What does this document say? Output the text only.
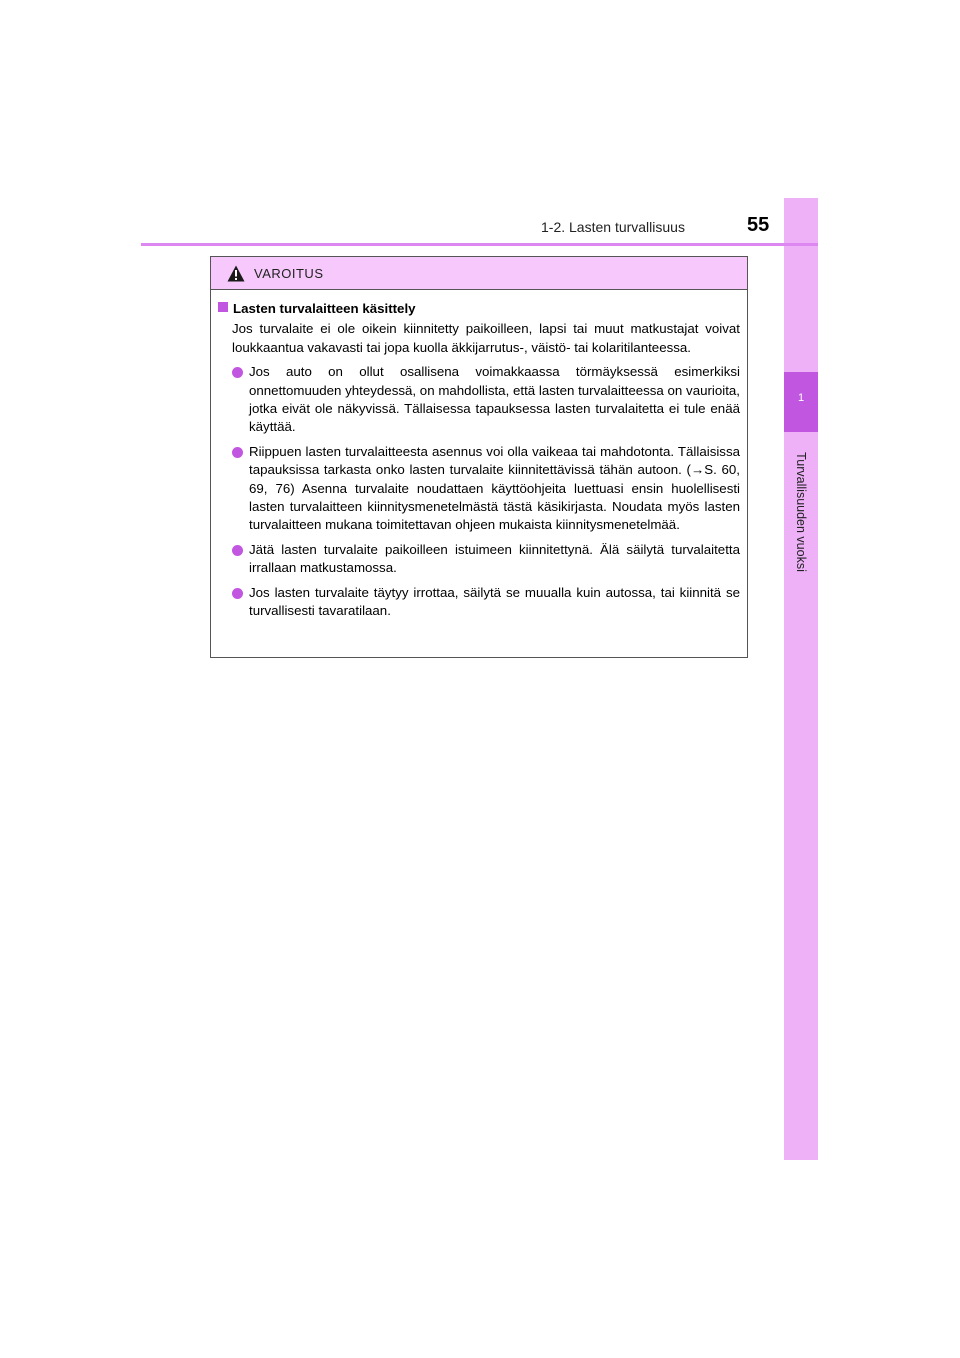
1
Turvallisuuden vuoksi
1-2. Lasten turvallisuus	55
VAROITUS
Lasten turvalaitteen käsittely

Jos turvalaite ei ole oikein kiinnitetty paikoilleen, lapsi tai muut matkustajat voivat loukkaantua vakavasti tai jopa kuolla äkkijarrutus-, väistö- tai kolaritilanteessa.

Jos auto on ollut osallisena voimakkaassa törmäyksessä esimerkiksi onnettomuuden yhteydessä, on mahdollista, että lasten turvalaitteessa on vaurioita, jotka eivät ole näkyvissä. Tällaisessa tapauksessa lasten turvalaitetta ei tule enää käyttää.
Riippuen lasten turvalaitteesta asennus voi olla vaikeaa tai mahdotonta. Tällaisissa tapauksissa tarkasta onko lasten turvalaite kiinnitettävissä tähän autoon. (→S. 60, 69, 76) Asenna turvalaite noudattaen käyttöohjeita luettuasi ensin huolellisesti lasten turvalaitteen kiinnitysmenetelmästä tästä käsikirjasta. Noudata myös lasten turvalaitteen mukana toimitettavan ohjeen mukaista kiinnitysmenetelmää.
Jätä lasten turvalaite paikoilleen istuimeen kiinnitettynä. Älä säilytä turvalaitetta irrallaan matkustamossa.
Jos lasten turvalaite täytyy irrottaa, säilytä se muualla kuin autossa, tai kiinnitä se turvallisesti tavaratilaan.
